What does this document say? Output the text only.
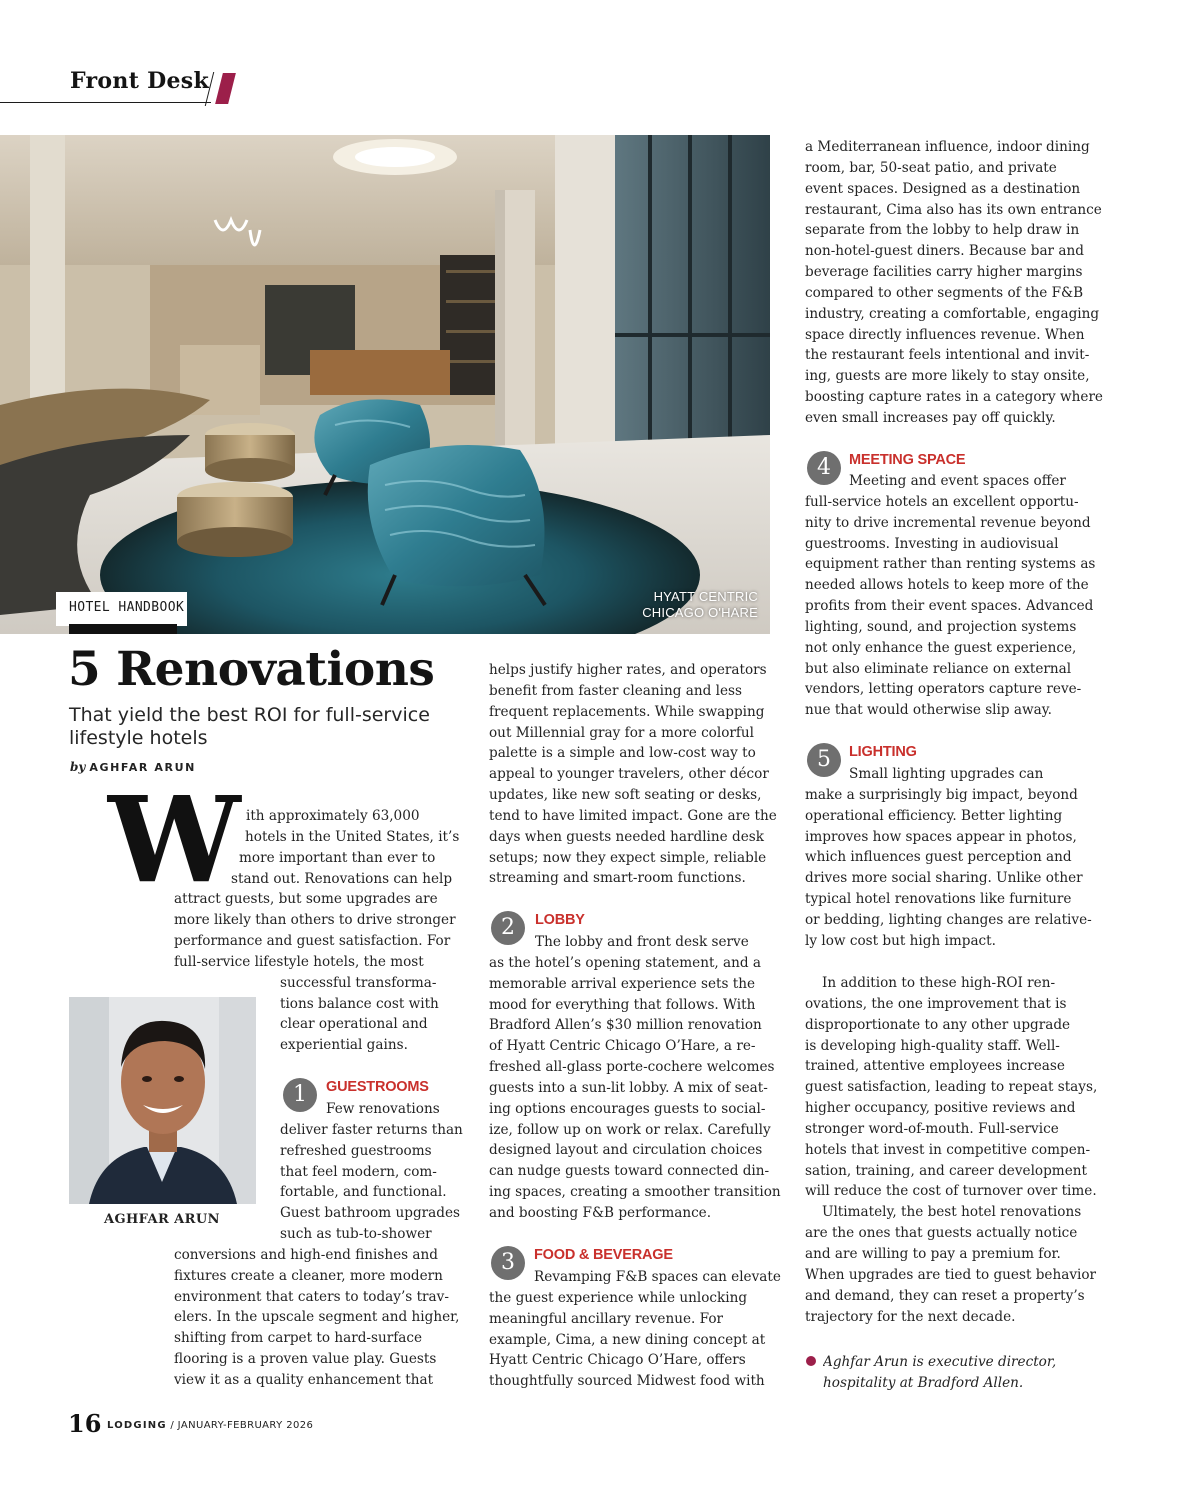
Front Desk
HYATT CENTRIC
CHICAGO O'HARE
HOTEL HANDBOOK
5 Renovations
That yield the best ROI for full-service lifestyle hotels
by AGHFAR ARUN
W ith approximately 63,000
hotels in the United States, it’s
more important than ever to
stand out. Renovations can help
attract guests, but some upgrades are
more likely than others to drive stronger
performance and guest satisfaction. For
full-service lifestyle hotels, the most
successful transforma-
tions balance cost with
clear operational and
experiential gains.
AGHFAR ARUN
1	GUESTROOMS
Few renovations
deliver faster returns than
refreshed guestrooms
that feel modern, com-
fortable, and functional.
Guest bathroom upgrades
such as tub-to-shower
conversions and high-end finishes and
fixtures create a cleaner, more modern
environment that caters to today’s trav-
elers. In the upscale segment and higher,
shifting from carpet to hard-surface
flooring is a proven value play. Guests
view it as a quality enhancement that
helps justify higher rates, and operators
benefit from faster cleaning and less
frequent replacements. While swapping
out Millennial gray for a more colorful
palette is a simple and low-cost way to
appeal to younger travelers, other décor
updates, like new soft seating or desks,
tend to have limited impact. Gone are the
days when guests needed hardline desk
setups; now they expect simple, reliable
streaming and smart-room functions.
2	LOBBY
The lobby and front desk serve
as the hotel’s opening statement, and a
memorable arrival experience sets the
mood for everything that follows. With
Bradford Allen’s $30 million renovation
of Hyatt Centric Chicago O’Hare, a re-
freshed all-glass porte-cochere welcomes
guests into a sun-lit lobby. A mix of seat-
ing options encourages guests to social-
ize, follow up on work or relax. Carefully
designed layout and circulation choices
can nudge guests toward connected din-
ing spaces, creating a smoother transition
and boosting F&B performance.
3	FOOD & BEVERAGE
Revamping F&B spaces can elevate
the guest experience while unlocking
meaningful ancillary revenue. For
example, Cima, a new dining concept at
Hyatt Centric Chicago O’Hare, offers
thoughtfully sourced Midwest food with
a Mediterranean influence, indoor dining
room, bar, 50-seat patio, and private
event spaces. Designed as a destination
restaurant, Cima also has its own entrance
separate from the lobby to help draw in
non-hotel-guest diners. Because bar and
beverage facilities carry higher margins
compared to other segments of the F&B
industry, creating a comfortable, engaging
space directly influences revenue. When
the restaurant feels intentional and invit-
ing, guests are more likely to stay onsite,
boosting capture rates in a category where
even small increases pay off quickly.
4	MEETING SPACE
Meeting and event spaces offer
full-service hotels an excellent opportu-
nity to drive incremental revenue beyond
guestrooms. Investing in audiovisual
equipment rather than renting systems as
needed allows hotels to keep more of the
profits from their event spaces. Advanced
lighting, sound, and projection systems
not only enhance the guest experience,
but also eliminate reliance on external
vendors, letting operators capture reve-
nue that would otherwise slip away.
5	LIGHTING
Small lighting upgrades can
make a surprisingly big impact, beyond
operational efficiency. Better lighting
improves how spaces appear in photos,
which influences guest perception and
drives more social sharing. Unlike other
typical hotel renovations like furniture
or bedding, lighting changes are relative-
ly low cost but high impact.
In addition to these high-ROI ren-
ovations, the one improvement that is
disproportionate to any other upgrade
is developing high-quality staff. Well-
trained, attentive employees increase
guest satisfaction, leading to repeat stays,
higher occupancy, positive reviews and
stronger word-of-mouth. Full-service
hotels that invest in competitive compen-
sation, training, and career development
will reduce the cost of turnover over time.
Ultimately, the best hotel renovations
are the ones that guests actually notice
and are willing to pay a premium for.
When upgrades are tied to guest behavior
and demand, they can reset a property’s
trajectory for the next decade.
Aghfar Arun is executive director,
hospitality at Bradford Allen.
16 LODGING / JANUARY-FEBRUARY 2026
